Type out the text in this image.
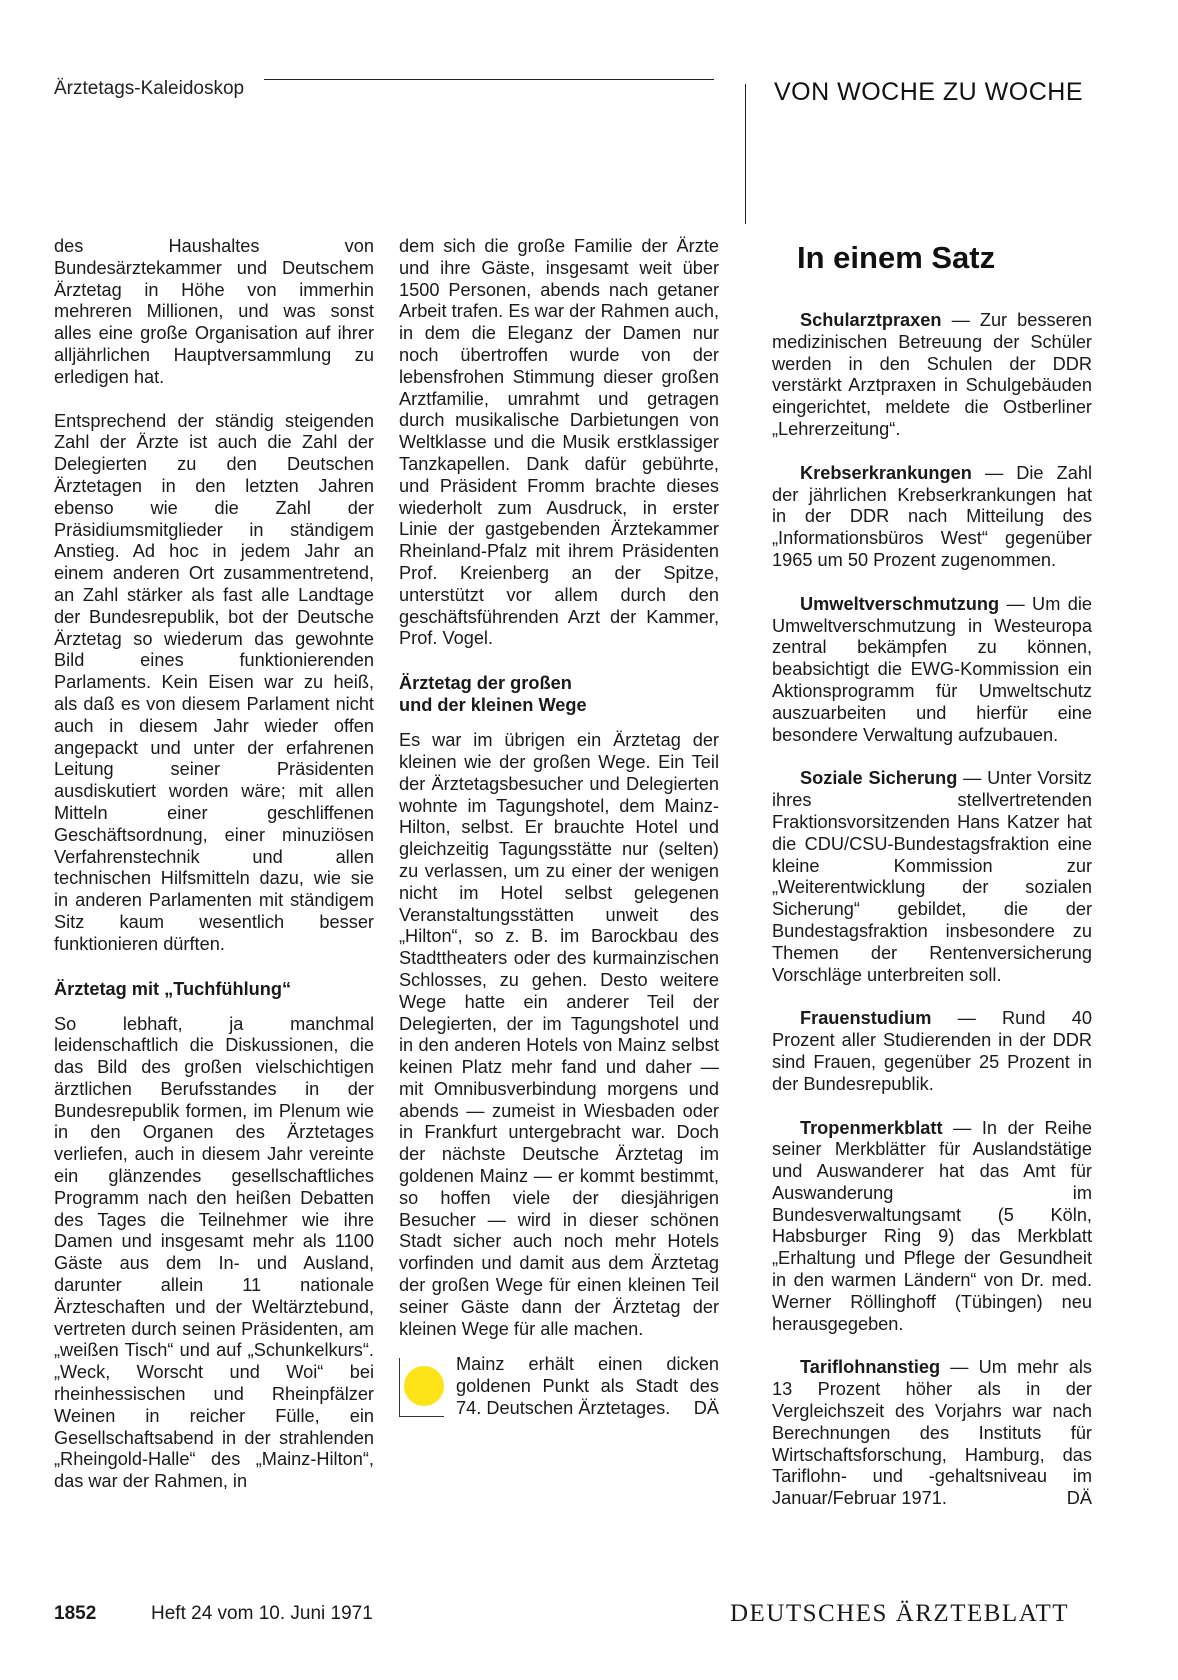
Ärztetags-Kaleidoskop	VON WOCHE ZU WOCHE

des Haushaltes von Bundesärztekammer und Deutschem Ärztetag in Höhe von immerhin mehreren Millionen, und was sonst alles eine große Organisation auf ihrer alljährlichen Hauptversammlung zu erledigen hat.

Entsprechend der ständig steigenden Zahl der Ärzte ist auch die Zahl der Delegierten zu den Deutschen Ärztetagen in den letzten Jahren ebenso wie die Zahl der Präsidiumsmitglieder in ständigem Anstieg. Ad hoc in jedem Jahr an einem anderen Ort zusammentretend, an Zahl stärker als fast alle Landtage der Bundesrepublik, bot der Deutsche Ärztetag so wiederum das gewohnte Bild eines funktionierenden Parlaments. Kein Eisen war zu heiß, als daß es von diesem Parlament nicht auch in diesem Jahr wieder offen angepackt und unter der erfahrenen Leitung seiner Präsidenten ausdiskutiert worden wäre; mit allen Mitteln einer geschliffenen Geschäftsordnung, einer minuziösen Verfahrenstechnik und allen technischen Hilfsmitteln dazu, wie sie in anderen Parlamenten mit ständigem Sitz kaum wesentlich besser funktionieren dürften.

Ärztetag mit „Tuchfühlung“

So lebhaft, ja manchmal leidenschaftlich die Diskussionen, die das Bild des großen vielschichtigen ärztlichen Berufsstandes in der Bundesrepublik formen, im Plenum wie in den Organen des Ärztetages verliefen, auch in diesem Jahr vereinte ein glänzendes gesellschaftliches Programm nach den heißen Debatten des Tages die Teilnehmer wie ihre Damen und insgesamt mehr als 1100 Gäste aus dem In- und Ausland, darunter allein 11 nationale Ärzteschaften und der Weltärztebund, vertreten durch seinen Präsidenten, am „weißen Tisch“ und auf „Schunkelkurs“. „Weck, Worscht und Woi“ bei rheinhessischen und Rheinpfälzer Weinen in reicher Fülle, ein Gesellschaftsabend in der strahlenden „Rheingold-Halle“ des „Mainz-Hilton“, das war der Rahmen, in

dem sich die große Familie der Ärzte und ihre Gäste, insgesamt weit über 1500 Personen, abends nach getaner Arbeit trafen. Es war der Rahmen auch, in dem die Eleganz der Damen nur noch übertroffen wurde von der lebensfrohen Stimmung dieser großen Arztfamilie, umrahmt und getragen durch musikalische Darbietungen von Weltklasse und die Musik erstklassiger Tanzkapellen. Dank dafür gebührte, und Präsident Fromm brachte dieses wiederholt zum Ausdruck, in erster Linie der gastgebenden Ärztekammer Rheinland-Pfalz mit ihrem Präsidenten Prof. Kreienberg an der Spitze, unterstützt vor allem durch den geschäftsführenden Arzt der Kammer, Prof. Vogel.

Ärztetag der großen
und der kleinen Wege

Es war im übrigen ein Ärztetag der kleinen wie der großen Wege. Ein Teil der Ärztetagsbesucher und Delegierten wohnte im Tagungshotel, dem Mainz-Hilton, selbst. Er brauchte Hotel und gleichzeitig Tagungsstätte nur (selten) zu verlassen, um zu einer der wenigen nicht im Hotel selbst gelegenen Veranstaltungsstätten unweit des „Hilton“, so z. B. im Barockbau des Stadttheaters oder des kurmainzischen Schlosses, zu gehen. Desto weitere Wege hatte ein anderer Teil der Delegierten, der im Tagungshotel und in den anderen Hotels von Mainz selbst keinen Platz mehr fand und daher — mit Omnibusverbindung morgens und abends — zumeist in Wiesbaden oder in Frankfurt untergebracht war. Doch der nächste Deutsche Ärztetag im goldenen Mainz — er kommt bestimmt, so hoffen viele der diesjährigen Besucher — wird in dieser schönen Stadt sicher auch noch mehr Hotels vorfinden und damit aus dem Ärztetag der großen Wege für einen kleinen Teil seiner Gäste dann der Ärztetag der kleinen Wege für alle machen.

Mainz erhält einen dicken goldenen Punkt als Stadt des 74. Deutschen Ärztetages. DÄ

In einem Satz

Schularztpraxen — Zur besseren medizinischen Betreuung der Schüler werden in den Schulen der DDR verstärkt Arztpraxen in Schulgebäuden eingerichtet, meldete die Ostberliner „Lehrerzeitung“.

Krebserkrankungen — Die Zahl der jährlichen Krebserkrankungen hat in der DDR nach Mitteilung des „Informationsbüros West“ gegenüber 1965 um 50 Prozent zugenommen.

Umweltverschmutzung — Um die Umweltverschmutzung in Westeuropa zentral bekämpfen zu können, beabsichtigt die EWG-Kommission ein Aktionsprogramm für Umweltschutz auszuarbeiten und hierfür eine besondere Verwaltung aufzubauen.

Soziale Sicherung — Unter Vorsitz ihres stellvertretenden Fraktionsvorsitzenden Hans Katzer hat die CDU/CSU-Bundestagsfraktion eine kleine Kommission zur „Weiterentwicklung der sozialen Sicherung“ gebildet, die der Bundestagsfraktion insbesondere zu Themen der Rentenversicherung Vorschläge unterbreiten soll.

Frauenstudium — Rund 40 Prozent aller Studierenden in der DDR sind Frauen, gegenüber 25 Prozent in der Bundesrepublik.

Tropenmerkblatt — In der Reihe seiner Merkblätter für Auslandstätige und Auswanderer hat das Amt für Auswanderung im Bundesverwaltungsamt (5 Köln, Habsburger Ring 9) das Merkblatt „Erhaltung und Pflege der Gesundheit in den warmen Ländern“ von Dr. med. Werner Röllinghoff (Tübingen) neu herausgegeben.

Tariflohnanstieg — Um mehr als 13 Prozent höher als in der Vergleichszeit des Vorjahrs war nach Berechnungen des Instituts für Wirtschaftsforschung, Hamburg, das Tariflohn- und -gehaltsniveau im Januar/Februar 1971.	DÄ

1852	Heft 24 vom 10. Juni 1971	DEUTSCHES ÄRZTEBLATT
